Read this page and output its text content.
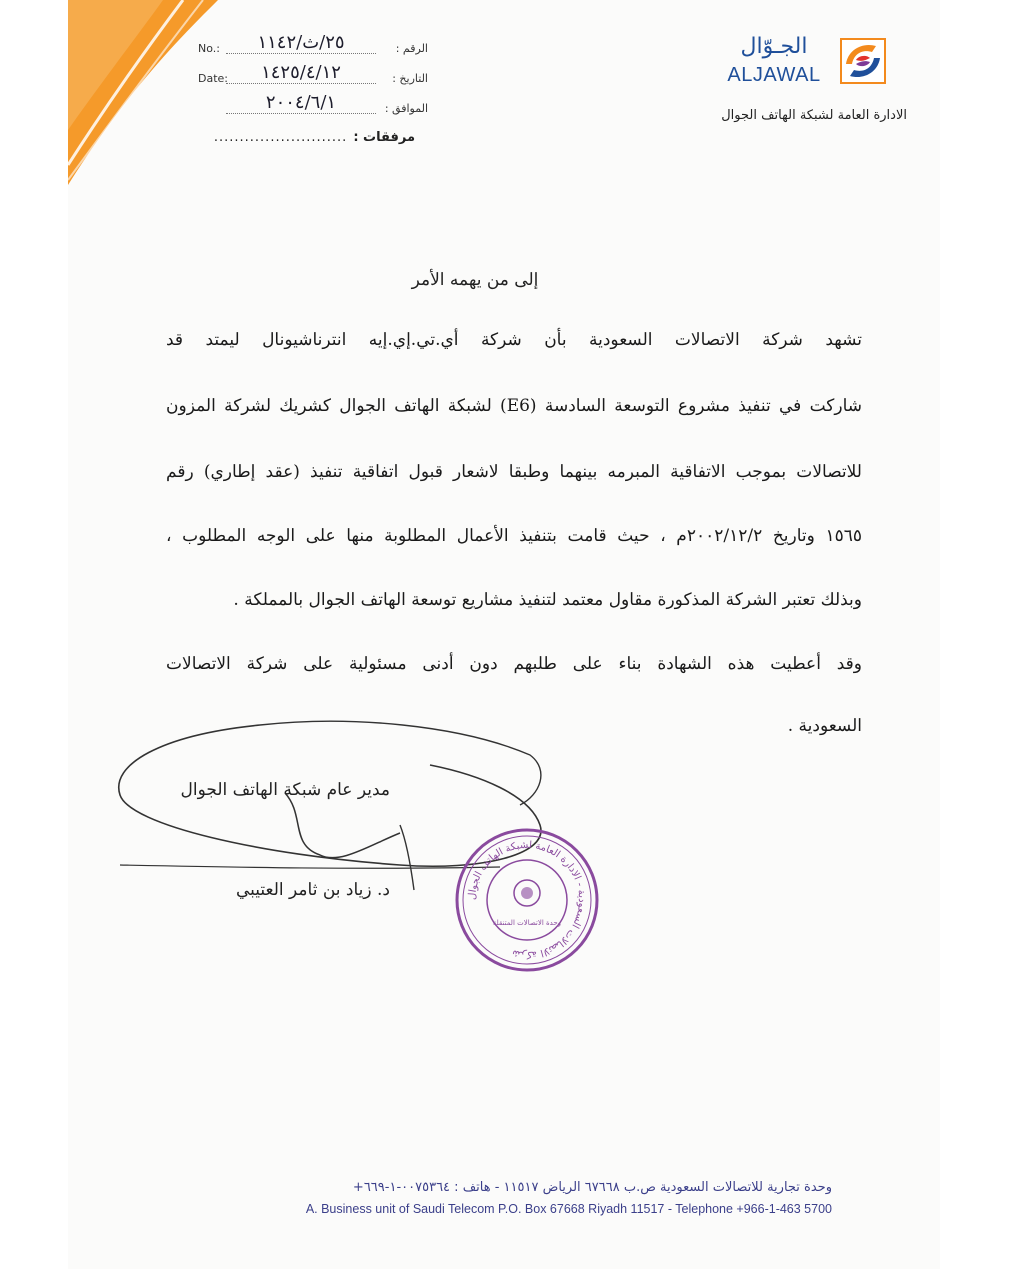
No.:	٢٥/ث/١١٤٢	الرقم :
Date:	١٤٢٥/٤/١٢	التاريخ :
٢٠٠٤/٦/١	الموافق :
مرفقات :
..........................
الجـوّال
ALJAWAL
الادارة العامة لشبكة الهاتف الجوال
إلى من يهمه الأمر
تشهد شركة الاتصالات السعودية بأن شركة أي.تي.إي.إيه انترناشيونال ليمتد قد
شاركت في تنفيذ مشروع التوسعة السادسة (E6) لشبكة الهاتف الجوال كشريك لشركة المزون
للاتصالات بموجب الاتفاقية المبرمه بينهما وطبقا لاشعار قبول اتفاقية تنفيذ (عقد إطاري) رقم
١٥٦٥ وتاريخ ٢٠٠٢/١٢/٢م ، حيث قامت بتنفيذ الأعمال المطلوبة منها على الوجه المطلوب ،
وبذلك تعتبر الشركة المذكورة مقاول معتمد لتنفيذ مشاريع توسعة الهاتف الجوال بالمملكة .
وقد أعطيت هذه الشهادة بناء على طلبهم دون أدنى مسئولية على شركة الاتصالات
السعودية .
مدير عام شبكة الهاتف الجوال
د. زياد بن ثامر العتيبي	شركة الاتصالات السعودية - الادارة العامة لشبكة الهاتف الجوال
وحدة الاتصالات المتنقلة
وحدة تجارية للاتصالات السعودية ص.ب ٦٧٦٦٨ الرياض ١١٥١٧ - هاتف : ٠٠٧٥٣٦٤-١-٦٦٩+
A. Business unit of Saudi Telecom P.O. Box 67668 Riyadh 11517 - Telephone +966-1-463 5700
